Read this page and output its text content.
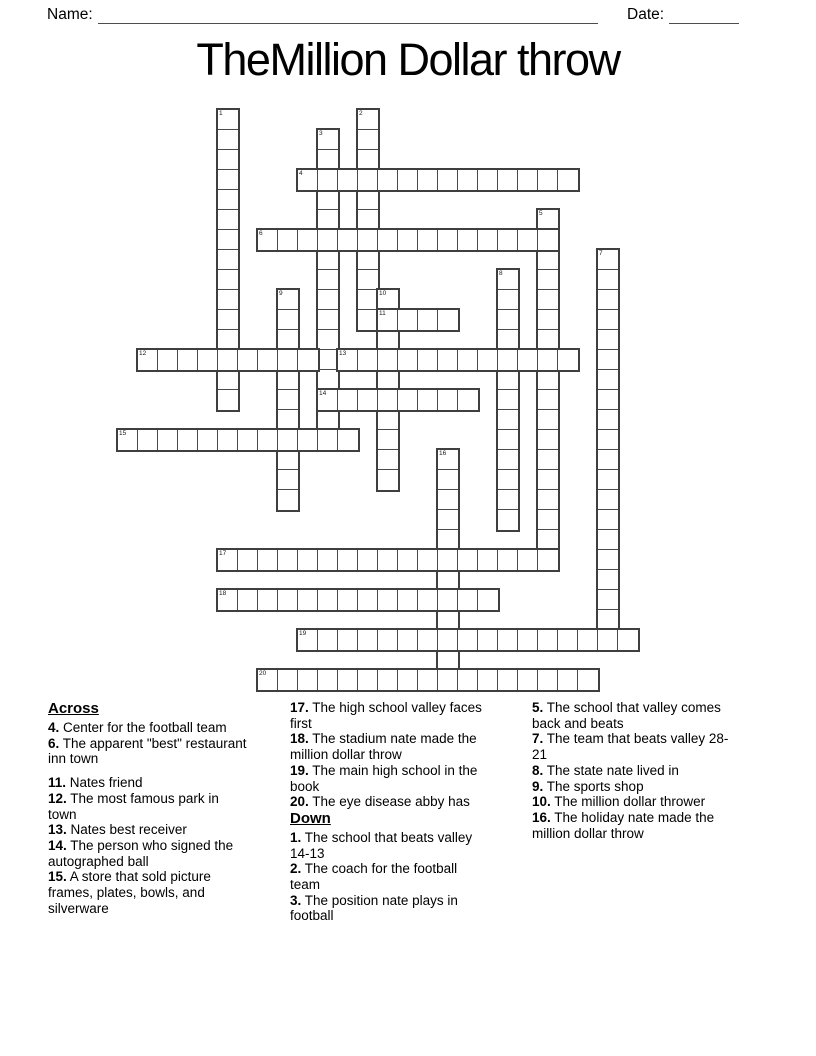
Name:	Date:
TheMillion Dollar throw
1	2
3
4
5
6
7
8
9	10
11
12	13
14
15
16
17
18
19
20
Across
4. Center for the football team
6. The apparent "best" restaurant inn town
11. Nates friend
12. The most famous park in town
13. Nates best receiver
14. The person who signed the autographed ball
15. A store that sold picture frames, plates, bowls, and silverware
17. The high school valley faces first
18. The stadium nate made the million dollar throw
19. The main high school in the book
20. The eye disease abby has
Down
1. The school that beats valley 14-13
2. The coach for the football team
3. The position nate plays in football
5. The school that valley comes back and beats
7. The team that beats valley 28-21
8. The state nate lived in
9. The sports shop
10. The million dollar thrower
16. The holiday nate made the million dollar throw
